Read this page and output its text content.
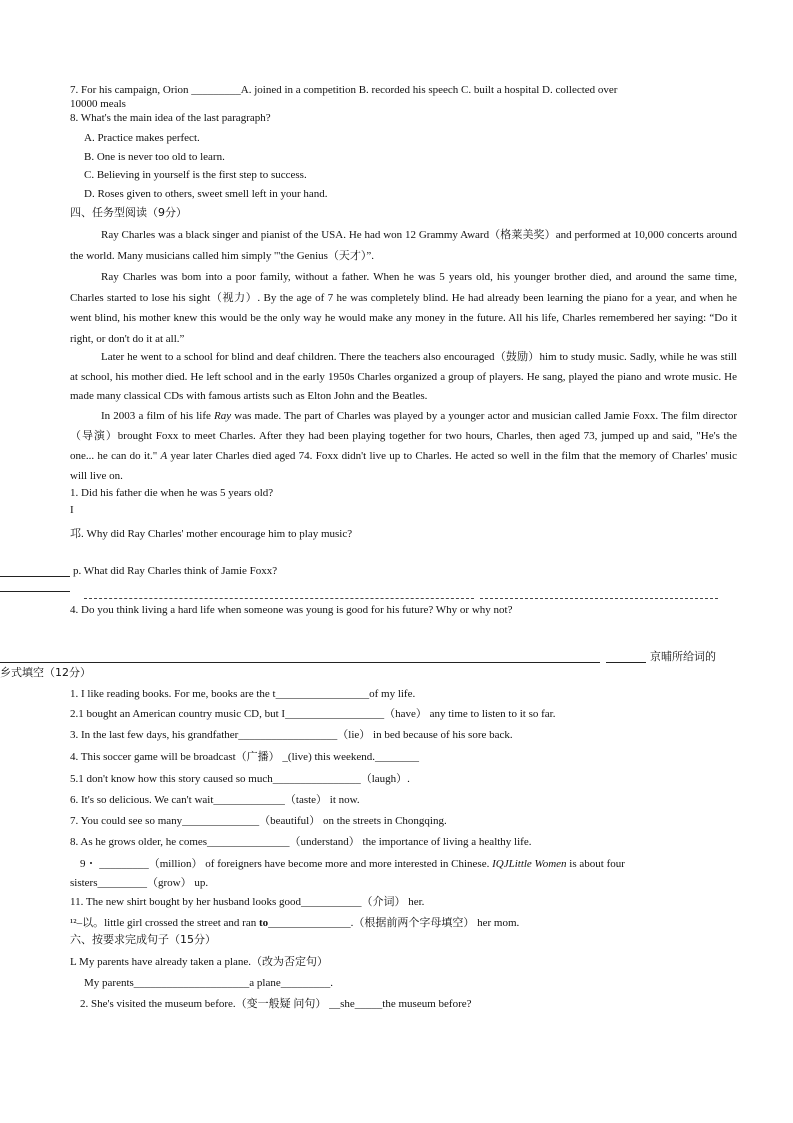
7. For his campaign, Orion _________A. joined in a competition B. recorded his speech C. built a hospital D. collected over
10000 meals
8. What's the main idea of the last paragraph?
A. Practice makes perfect.
B. One is never too old to learn.
C. Believing in yourself is the first step to success.
D. Roses given to others, sweet smell left in your hand.
四、任务型阅读（9分）
Ray Charles was a black singer and pianist of the USA. He had won 12 Grammy Award（格莱美奖）and performed at 10,000 concerts around the world. Many musicians called him simply '"the Genius（天才）”.
Ray Charles was bom into a poor family, without a father. When he was 5 years old, his younger brother died, and around the same time, Charles started to lose his sight（视力）. By the age of 7 he was completely blind. He had already been learning the piano for a year, and when he went blind, his mother knew this would be the only way he would make any money in the future. All his life, Charles remembered her saying: “Do it right, or don't do it at all.”
Later he went to a school for blind and deaf children. There the teachers also encouraged（鼓励）him to study music. Sadly, while he was still at school, his mother died. He left school and in the early 1950s Charles organized a group of players. He sang, played the piano and wrote music. He made many classical CDs with famous artists such as Elton John and the Beatles.
In 2003 a film of his life Ray was made. The part of Charles was played by a younger actor and musician called Jamie Foxx. The film director（导演）brought Foxx to meet Charles. After they had been playing together for two hours, Charles, then aged 73, jumped up and said, "He's the one... he can do it." A year later Charles died aged 74. Foxx didn't live up to Charles. He acted so well in the film that the memory of Charles' music will live on.
1. Did his father die when he was 5 years old?
I
邛. Why did Ray Charles' mother encourage him to play music?
p. What did Ray Charles think of Jamie Foxx?
4. Do you think living a hard life when someone was young is good for his future? Why or why not?
京晡所给词的
乡式填空（12分）
1. I like reading books. For me, books are the t_________________of my life.
2.1 bought an American country music CD, but I__________________（have） any time to listen to it so far.
3. In the last few days, his grandfather__________________（lie） in bed because of his sore back.
4. This soccer game will be broadcast（广播） _(live) this weekend.________
5.1 don't know how this story caused so much________________（laugh）.
6. It's so delicious. We can't wait_____________（taste） it now.
7. You could see so many______________（beautiful） on the streets in Chongqing.
8. As he grows older, he comes_______________（understand） the importance of living a healthy life.
9・ _________（million） of foreigners have become more and more interested in Chinese. IQJLittle Women is about four
sisters_________（grow） up.
11. The new shirt bought by her husband looks good___________（介词） her.
¹²–以。little girl crossed the street and ran to_______________.（根据前两个字母填空） her mom.
六、按要求完成句子（15分）
L My parents have already taken a plane.（改为否定句）
My parents_____________________a plane_________.
2. She's visited the museum before.（变一般疑 问句） __she_____the museum before?
